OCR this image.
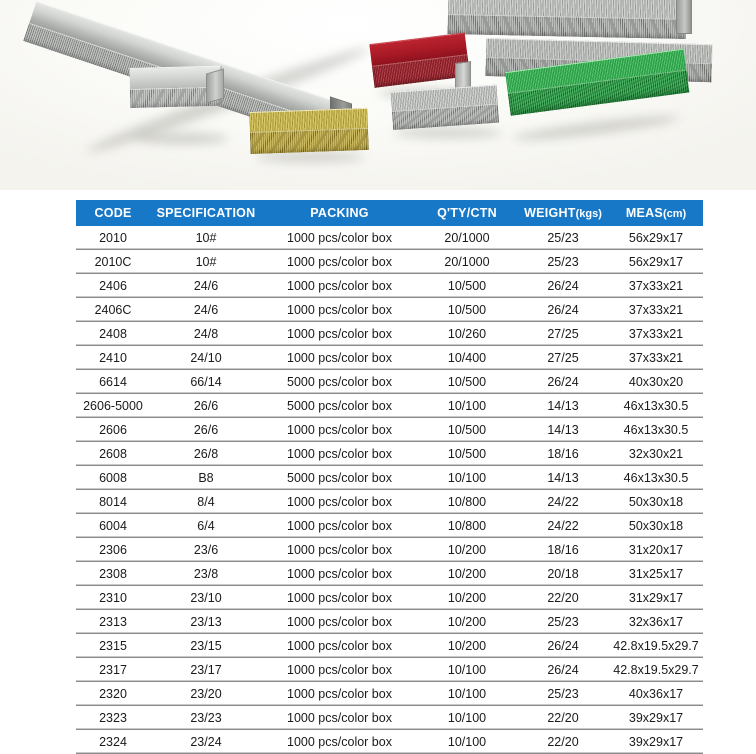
CODE	SPECIFICATION	PACKING	Q'TY/CTN	WEIGHT(kgs)	MEAS(cm)
2010	10#	1000 pcs/color box	20/1000	25/23	56x29x17
2010C	10#	1000 pcs/color box	20/1000	25/23	56x29x17
2406	24/6	1000 pcs/color box	10/500	26/24	37x33x21
2406C	24/6	1000 pcs/color box	10/500	26/24	37x33x21
2408	24/8	1000 pcs/color box	10/260	27/25	37x33x21
2410	24/10	1000 pcs/color box	10/400	27/25	37x33x21
6614	66/14	5000 pcs/color box	10/500	26/24	40x30x20
2606-5000	26/6	5000 pcs/color box	10/100	14/13	46x13x30.5
2606	26/6	1000 pcs/color box	10/500	14/13	46x13x30.5
2608	26/8	1000 pcs/color box	10/500	18/16	32x30x21
6008	B8	5000 pcs/color box	10/100	14/13	46x13x30.5
8014	8/4	1000 pcs/color box	10/800	24/22	50x30x18
6004	6/4	1000 pcs/color box	10/800	24/22	50x30x18
2306	23/6	1000 pcs/color box	10/200	18/16	31x20x17
2308	23/8	1000 pcs/color box	10/200	20/18	31x25x17
2310	23/10	1000 pcs/color box	10/200	22/20	31x29x17
2313	23/13	1000 pcs/color box	10/200	25/23	32x36x17
2315	23/15	1000 pcs/color box	10/200	26/24	42.8x19.5x29.7
2317	23/17	1000 pcs/color box	10/100	26/24	42.8x19.5x29.7
2320	23/20	1000 pcs/color box	10/100	25/23	40x36x17
2323	23/23	1000 pcs/color box	10/100	22/20	39x29x17
2324	23/24	1000 pcs/color box	10/100	22/20	39x29x17
